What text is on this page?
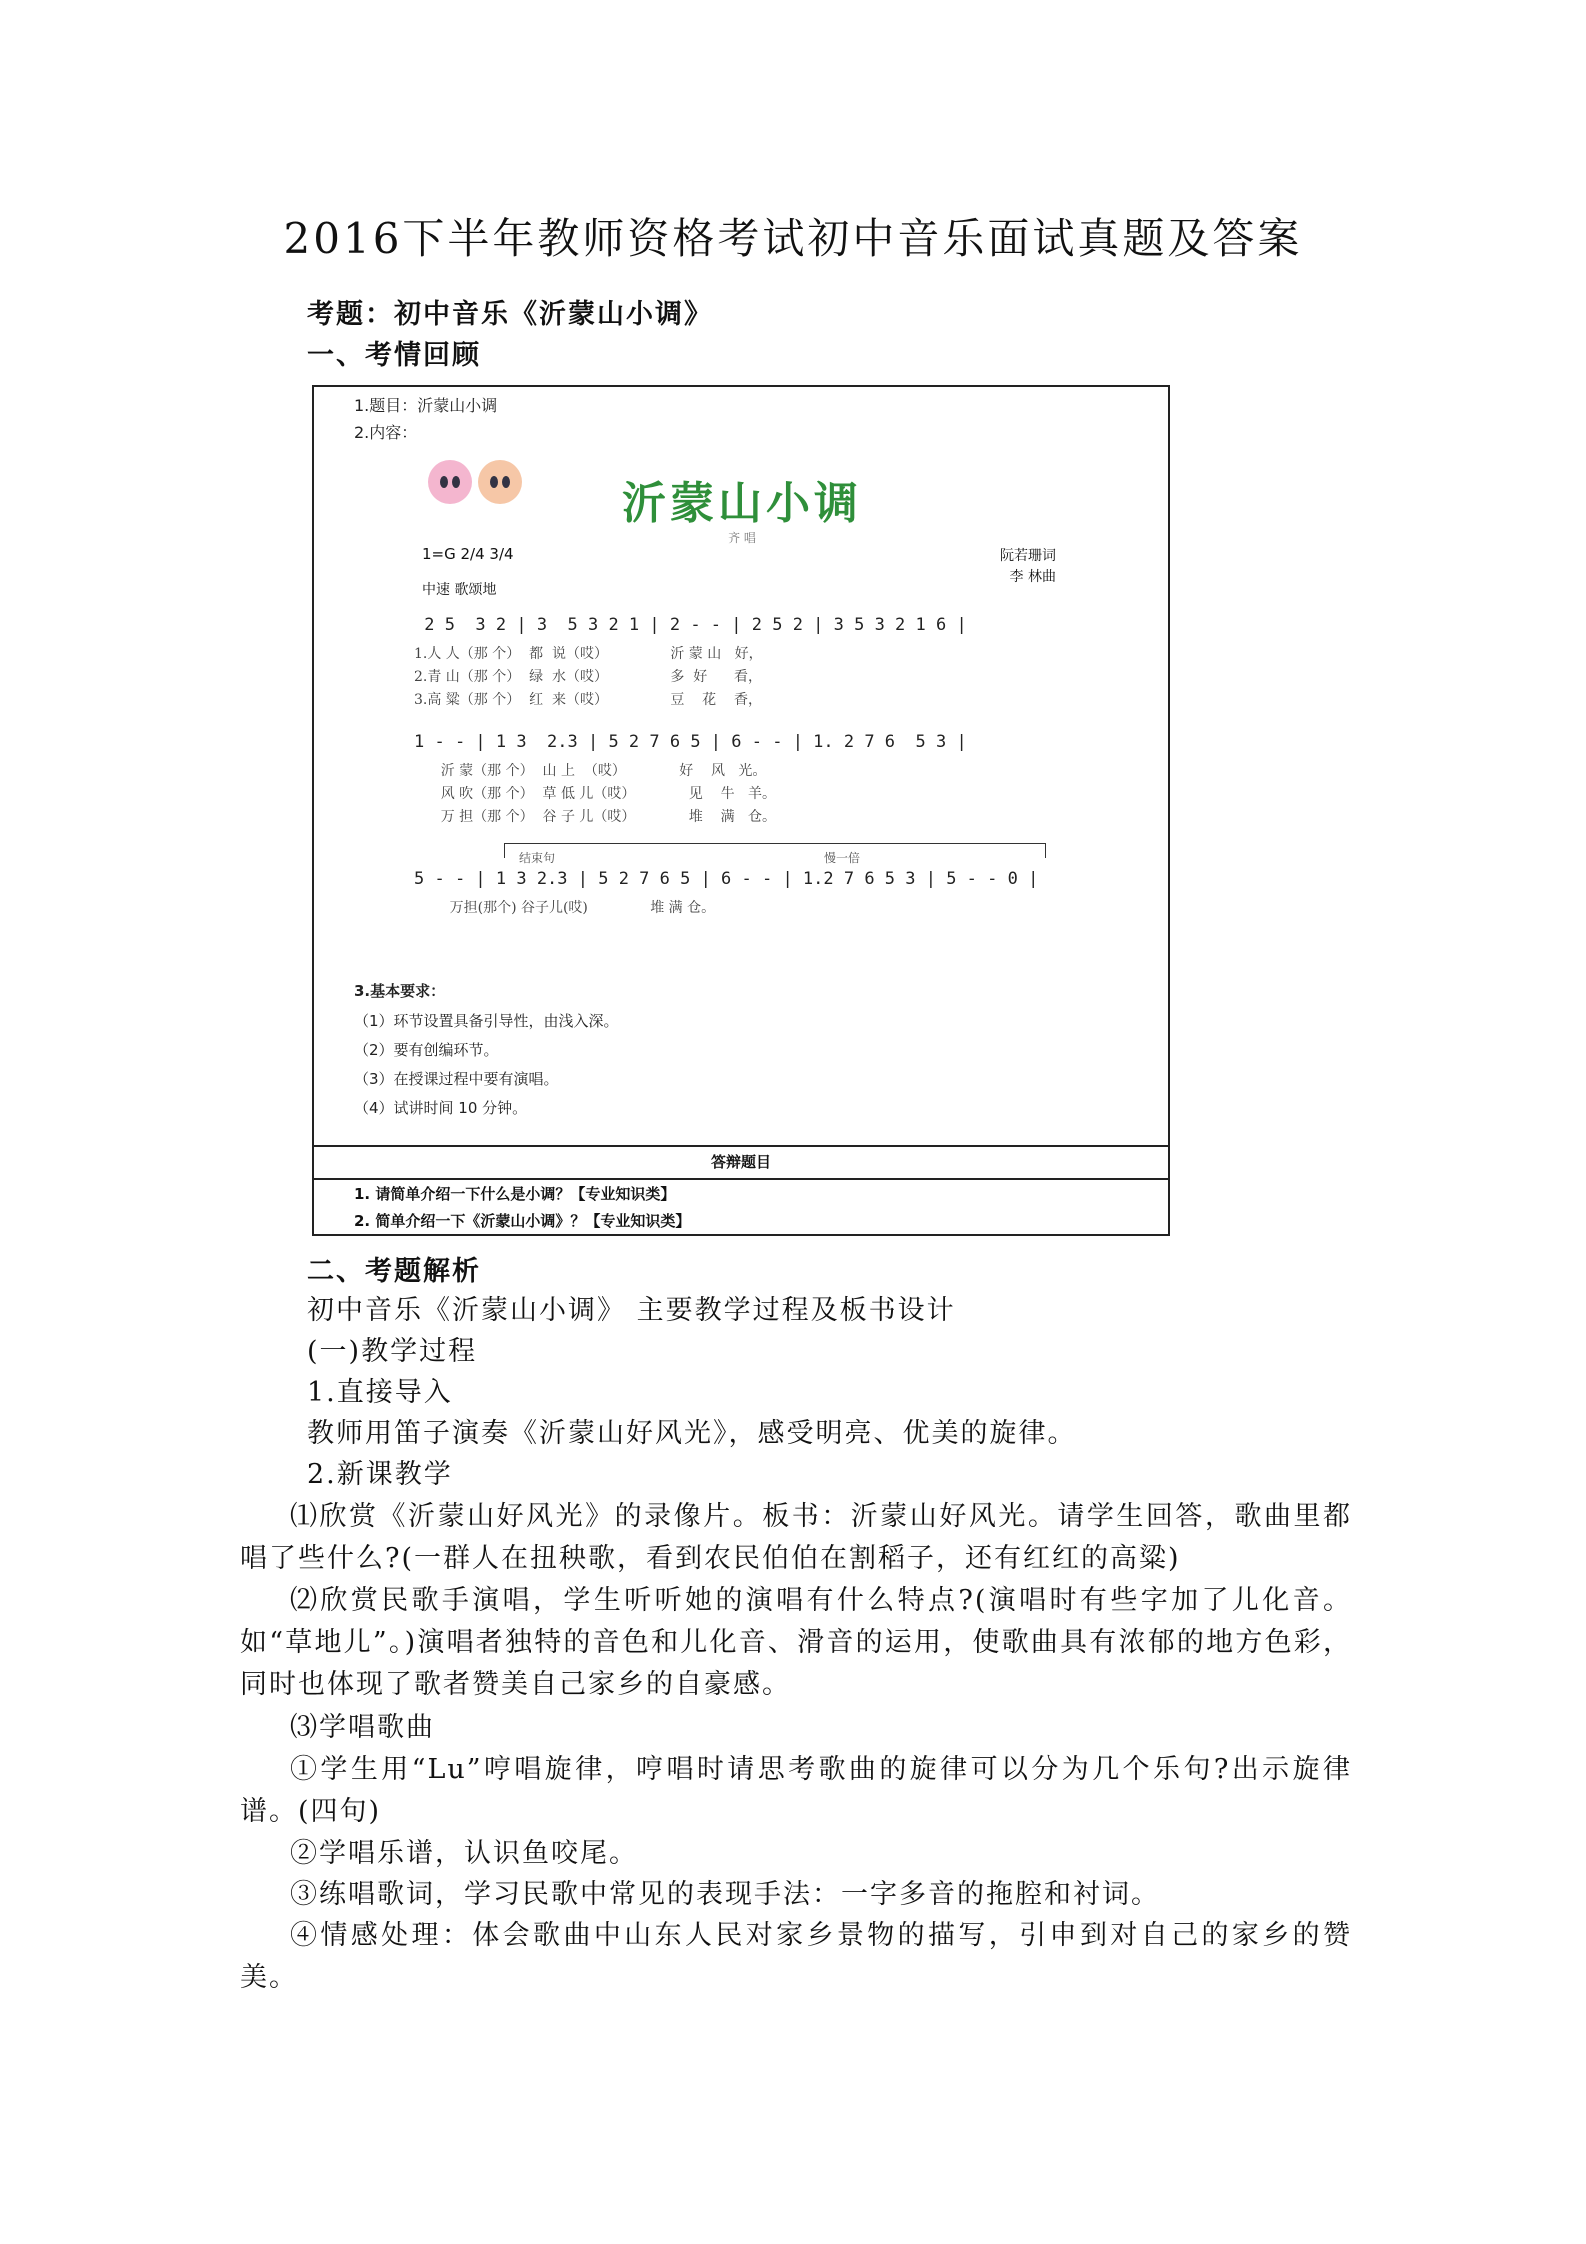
2016下半年教师资格考试初中音乐面试真题及答案
考题：初中音乐《沂蒙山小调》
一、考情回顾
1.题目：沂蒙山小调
2.内容：
沂蒙山小调
齐 唱
1=G 2/4 3/4
中速 歌颂地
阮若珊词
李 林曲
2 5  3 2 | 3  5 3 2 1 | 2 - - | 2 5 2 | 3 5 3 2 1 6 |
1.人 人（那 个）  都  说（哎）              沂 蒙 山   好，
2.青 山（那 个）  绿  水（哎）              多  好      看，
3.高 粱（那 个）  红  来（哎）              豆    花    香，
1 - - | 1 3  2.3 | 5 2 7 6 5 | 6 - - | 1. 2 7 6  5 3 |
沂 蒙（那 个）  山 上  （哎）            好    风   光。
风 吹（那 个）  草 低 儿（哎）            见    牛   羊。
万 担（那 个）  谷 子 儿（哎）            堆    满   仓。
结束句	慢一倍
5 - - | 1 3 2.3 | 5 2 7 6 5 | 6 - - | 1.2 7 6 5 3 | 5 - - 0 |
万担(那个) 谷子儿(哎)              堆 满 仓。
3.基本要求：
（1）环节设置具备引导性，由浅入深。
（2）要有创编环节。
（3）在授课过程中要有演唱。
（4）试讲时间 10 分钟。
答辩题目
1. 请简单介绍一下什么是小调？【专业知识类】
2. 简单介绍一下《沂蒙山小调》？【专业知识类】
二、考题解析
初中音乐《沂蒙山小调》 主要教学过程及板书设计
(一)教学过程
1.直接导入
教师用笛子演奏《沂蒙山好风光》，感受明亮、优美的旋律。
2.新课教学
⑴欣赏《沂蒙山好风光》的录像片。板书：沂蒙山好风光。请学生回答，歌曲里都唱了些什么?(一群人在扭秧歌，看到农民伯伯在割稻子，还有红红的高粱)
⑵欣赏民歌手演唱，学生听听她的演唱有什么特点?(演唱时有些字加了儿化音。如“草地儿”。)演唱者独特的音色和儿化音、滑音的运用，使歌曲具有浓郁的地方色彩，同时也体现了歌者赞美自己家乡的自豪感。
⑶学唱歌曲
①学生用“Lu”哼唱旋律，哼唱时请思考歌曲的旋律可以分为几个乐句?出示旋律谱。(四句)
②学唱乐谱，认识鱼咬尾。
③练唱歌词，学习民歌中常见的表现手法：一字多音的拖腔和衬词。
④情感处理：体会歌曲中山东人民对家乡景物的描写，引申到对自己的家乡的赞美。
